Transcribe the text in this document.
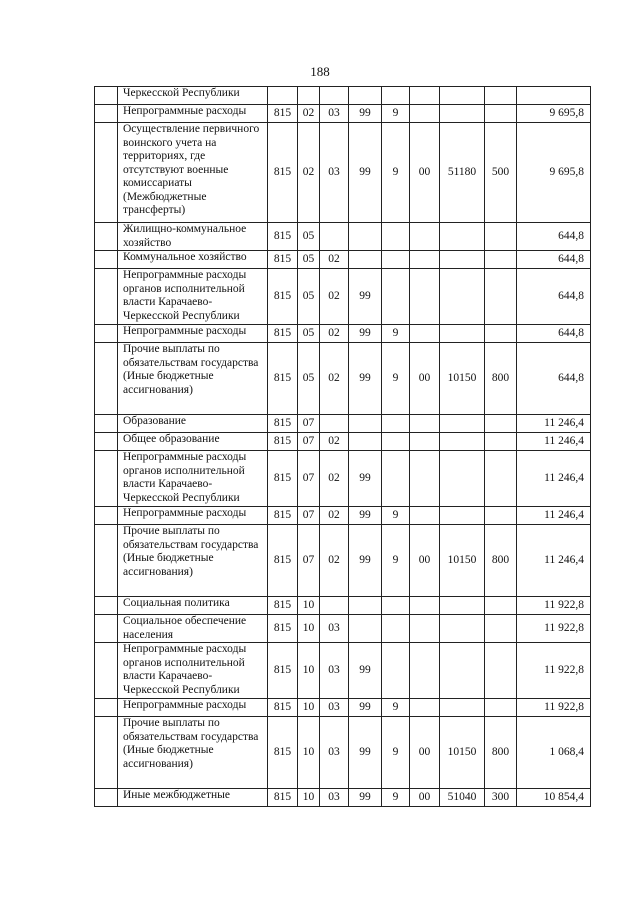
188
	Черкесской Республики									
	Непрограммные расходы	815	02	03	99	9				9 695,8
	Осуществление первичного воинского учета на территориях, где отсутствуют военные комиссариаты (Межбюджетные трансферты)	815	02	03	99	9	00	51180	500	9 695,8
	Жилищно-коммунальное хозяйство	815	05							644,8
	Коммунальное хозяйство	815	05	02						644,8
	Непрограммные расходы органов исполнительной власти Карачаево-Черкесской Республики	815	05	02	99					644,8
	Непрограммные расходы	815	05	02	99	9				644,8
	Прочие выплаты по обязательствам государства (Иные бюджетные ассигнования)	815	05	02	99	9	00	10150	800	644,8
	Образование	815	07							11 246,4
	Общее образование	815	07	02						11 246,4
	Непрограммные расходы органов исполнительной власти Карачаево-Черкесской Республики	815	07	02	99					11 246,4
	Непрограммные расходы	815	07	02	99	9				11 246,4
	Прочие выплаты по обязательствам государства (Иные бюджетные ассигнования)	815	07	02	99	9	00	10150	800	11 246,4
	Социальная политика	815	10							11 922,8
	Социальное обеспечение населения	815	10	03						11 922,8
	Непрограммные расходы органов исполнительной власти Карачаево-Черкесской Республики	815	10	03	99					11 922,8
	Непрограммные расходы	815	10	03	99	9				11 922,8
	Прочие выплаты по обязательствам государства (Иные бюджетные ассигнования)	815	10	03	99	9	00	10150	800	1 068,4
	Иные межбюджетные	815	10	03	99	9	00	51040	300	10 854,4
